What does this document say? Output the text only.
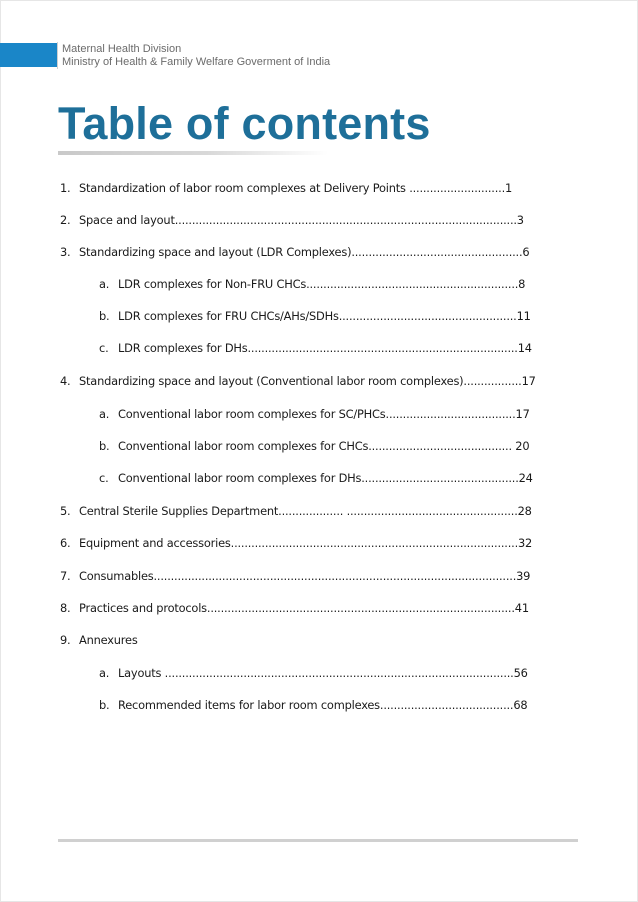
Maternal Health Division
Ministry of Health & Family Welfare Goverment of India
Table of contents
1. Standardization of labor room complexes at Delivery Points ............................1
2. Space and layout....................................................................................................3
3. Standardizing space and layout (LDR Complexes)..................................................6
a. LDR complexes for Non-FRU CHCs..............................................................8
b. LDR complexes for FRU CHCs/AHs/SDHs....................................................11
c. LDR complexes for DHs...............................................................................14
4. Standardizing space and layout (Conventional labor room complexes).................17
a. Conventional labor room complexes for SC/PHCs......................................17
b. Conventional labor room complexes for CHCs.......................................... 20
c. Conventional labor room complexes for DHs..............................................24
5. Central Sterile Supplies Department................... ..................................................28
6. Equipment and accessories....................................................................................32
7. Consumables..........................................................................................................39
8. Practices and protocols..........................................................................................41
9. Annexures
a. Layouts ......................................................................................................56
b. Recommended items for labor room complexes.......................................68
